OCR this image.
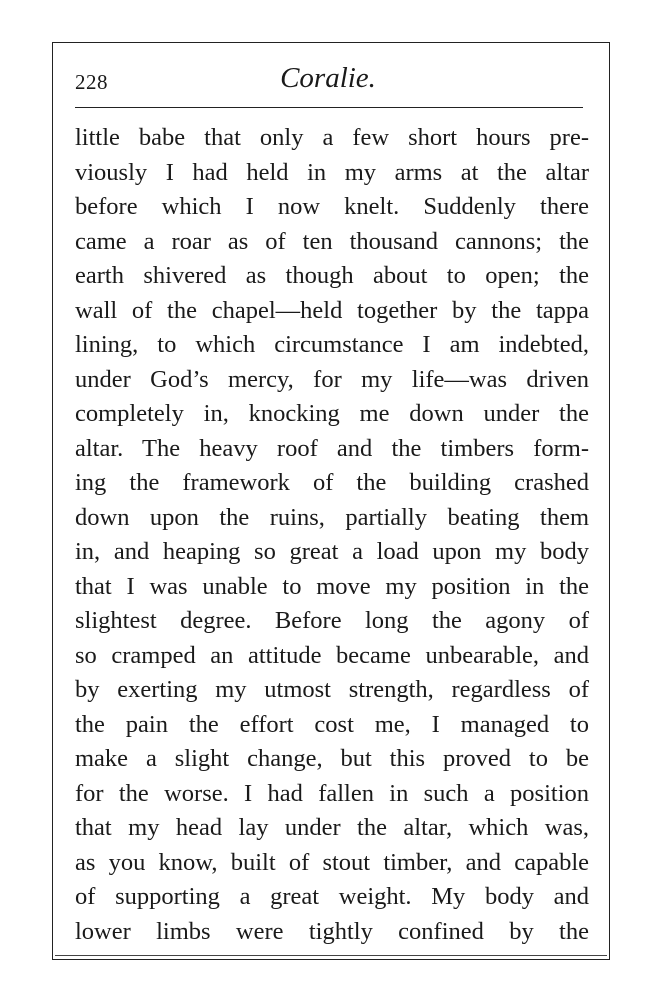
228	Coralie.
little babe that only a few short hours pre-
viously I had held in my arms at the altar
before which I now knelt. Suddenly there
came a roar as of ten thousand cannons; the
earth shivered as though about to open; the
wall of the chapel—held together by the tappa
lining, to which circumstance I am indebted,
under God’s mercy, for my life—was driven
completely in, knocking me down under the
altar. The heavy roof and the timbers form-
ing the framework of the building crashed
down upon the ruins, partially beating them
in, and heaping so great a load upon my body
that I was unable to move my position in the
slightest degree. Before long the agony of
so cramped an attitude became unbearable, and
by exerting my utmost strength, regardless of
the pain the effort cost me, I managed to
make a slight change, but this proved to be
for the worse. I had fallen in such a position
that my head lay under the altar, which was,
as you know, built of stout timber, and capable
of supporting a great weight. My body and
lower limbs were tightly confined by the
